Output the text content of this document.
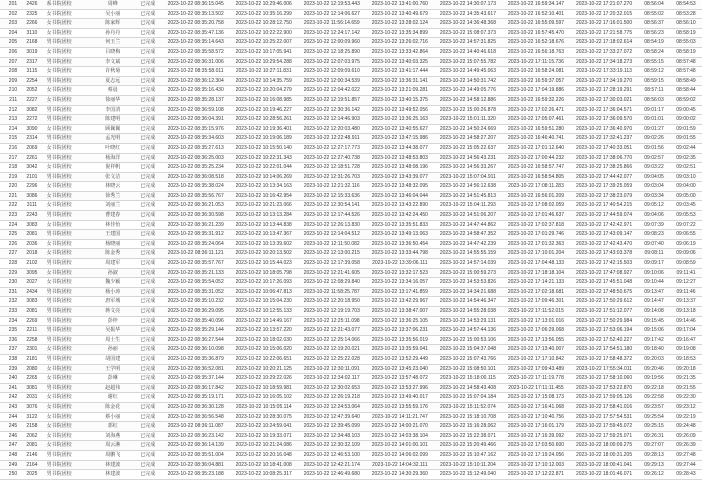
201	2426	系书院团校	周峰	已完成	2023-10-22 08:36:15.045	2023-10-22 10:29:46.006	2023-10-22 12:19:53.443	2023-10-22 13:41:00.760	2023-10-22 14:30:07.173	2023-10-22 16:59:34.147	2023-10-22 17:21:07.270	08:56:04	08:54:53
202	2325	女书院团校	吴小丽	已完成	2023-10-22 08:35:13.502	2023-10-22 10:35:16.299	2023-10-22 12:14:06.627	2023-10-22 13:40:49.679	2023-10-22 14:35:43.617	2023-10-22 16:52:10.401	2023-10-22 17:20:32.015	08:55:02	08:53:28
203	2266	女书院团校	陈家辉	已完成	2023-10-22 08:35:20.758	2023-10-22 10:28:12.750	2023-10-22 11:56:14.659	2023-10-22 13:28:02.124	2023-10-22 14:36:48.368	2023-10-22 16:55:09.597	2023-10-22 17:16:01.500	08:56:37	08:56:10
204	3110	女书院团校	孙丹丹	已完成	2023-10-22 08:35:47.136	2023-10-22 10:22:22.900	2023-10-22 12:24:17.142	2023-10-22 13:35:34.899	2023-10-22 15:08:07.373	2023-10-22 16:57:45.470	2023-10-22 17:21:58.775	08:56:23	08:58:19
205	2168	男书院团校	何玉兰	已完成	2023-10-22 08:35:14.643	2023-10-22 10:25:22.007	2023-10-22 12:00:09.960	2023-10-22 13:26:02.716	2023-10-22 14:57:31.825	2023-10-22 16:52:18.676	2023-10-22 17:18:02.614	08:54:19	08:55:03
206	3019	女书院团校	吕晓梅	已完成	2023-10-22 08:35:58.572	2023-10-22 10:17:05.941	2023-10-22 12:18:25.890	2023-10-22 13:33:42.864	2023-10-22 14:40:46.618	2023-10-22 16:56:18.763	2023-10-22 17:33:27.072	08:58:24	08:58:19
207	2317	男书院团校	李文斌	已完成	2023-10-22 08:36:31.006	2023-10-22 10:29:54.288	2023-10-22 12:07:03.975	2023-10-22 13:40:03.325	2023-10-22 15:07:55.782	2023-10-22 17:11:15.736	2023-10-22 17:34:18.273	08:55:15	08:57:48
208	3115	女书院团校	许秋菊	已完成	2023-10-22 08:35:58.011	2023-10-22 10:27:11.831	2023-10-22 12:09:09.610	2023-10-22 13:41:17.444	2023-10-22 14:49:45.063	2023-10-22 16:58:24.081	2023-10-22 17:33:19.113	08:59:12	08:57:48
209	2254	男书院团校	夏志远	已完成	2023-10-22 08:36:12.304	2023-10-22 10:14:35.759	2023-10-22 12:00:34.539	2023-10-22 13:36:31.141	2023-10-22 14:50:31.742	2023-10-22 16:59:37.057	2023-10-22 17:34:19.270	08:59:15	08:58:49
210	2052	女书院团校	蔡晨	已完成	2023-10-22 08:35:16.430	2023-10-22 10:20:04.279	2023-10-22 12:04:42.022	2023-10-22 13:21:09.281	2023-10-22 14:49:05.776	2023-10-22 17:04:19.886	2023-10-22 17:28:19.291	08:57:11	08:58:44
211	2227	女书院团校	徐丽华	已完成	2023-10-22 08:35:28.137	2023-10-22 10:16:08.985	2023-10-22 12:19:51.857	2023-10-22 13:40:15.375	2023-10-22 14:58:12.886	2023-10-22 16:59:32.226	2023-10-22 17:30:03.021	08:56:03	08:59:02
212	3082	男书院团校	李国清	已完成	2023-10-22 08:36:59.108	2023-10-22 10:19:46.227	2023-10-22 12:30:36.142	2023-10-22 13:49:52.056	2023-10-22 15:00:26.878	2023-10-22 17:02:26.471	2023-10-22 17:36:04.571	09:01:17	09:00:45
213	2272	男书院团校	陈建明	已完成	2023-10-22 08:36:04.391	2023-10-22 10:28:56.261	2023-10-22 12:14:46.903	2023-10-22 13:36:25.163	2023-10-22 15:01:11.320	2023-10-22 17:05:07.461	2023-10-22 17:36:09.570	09:01:01	09:00:02
214	3090	女书院团校	顾佩佩	已完成	2023-10-22 08:35:15.976	2023-10-22 10:19:36.401	2023-10-22 12:20:03.480	2023-10-22 13:40:55.627	2023-10-22 14:50:24.669	2023-10-22 16:59:51.280	2023-10-22 17:36:40.970	09:01:27	09:01:59
215	2314	男书院团校	孟光明	已完成	2023-10-22 08:35:34.603	2023-10-22 10:19:06.189	2023-10-22 12:22:48.911	2023-10-22 13:47:15.986	2023-10-22 14:58:27.207	2023-10-22 16:46:40.741	2023-10-22 17:32:41.237	09:02:26	09:01:55
216	2069	女书院团校	叶晓红	已完成	2023-10-22 08:35:27.613	2023-10-22 10:15:50.140	2023-10-22 12:27:17.773	2023-10-22 13:44:38.077	2023-10-22 15:05:22.637	2023-10-22 17:01:12.640	2023-10-22 17:40:33.051	09:01:56	09:02:44
217	2261	男书院团校	杨海洋	已完成	2023-10-22 08:36:25.003	2023-10-22 10:22:31.343	2023-10-22 12:27:40.738	2023-10-22 13:48:53.803	2023-10-22 14:56:43.231	2023-10-22 17:00:44.232	2023-10-22 17:38:06.770	09:02:57	09:02:35
218	3042	女书院团校	倪祥帆	已完成	2023-10-22 08:35:25.234	2023-10-22 10:22:01.044	2023-10-22 12:18:51.728	2023-10-22 13:48:08.196	2023-10-22 14:56:33.267	2023-10-22 16:58:57.747	2023-10-22 17:38:25.866	09:03:22	09:02:51
219	2101	男书院团校	张文洁	已完成	2023-10-22 08:36:08.518	2023-10-22 10:14:06.269	2023-10-22 12:31:26.703	2023-10-22 13:43:39.077	2023-10-22 15:07:04.911	2023-10-22 16:58:54.805	2023-10-22 17:44:42.077	09:04:05	09:03:10
220	2296	女书院团校	林晓云	已完成	2023-10-22 08:35:38.024	2023-10-22 10:13:34.163	2023-10-22 12:21:32.116	2023-10-22 13:48:32.095	2023-10-22 14:56:12.638	2023-10-22 17:08:11.283	2023-10-22 17:39:25.059	09:03:04	09:04:00
221	3086	女书院团校	徐秀兰	已完成	2023-10-22 08:35:56.767	2023-10-22 10:16:42.954	2023-10-22 12:15:33.636	2023-10-22 13:46:04.044	2023-10-22 14:51:45.813	2023-10-22 16:56:01.209	2023-10-22 17:38:23.079	09:03:34	09:05:00
222	3111	女书院团校	刘丽兰	已完成	2023-10-22 08:36:21.053	2023-10-22 10:21:23.066	2023-10-22 12:30:54.141	2023-10-22 13:43:22.890	2023-10-22 15:04:11.293	2023-10-22 17:08:02.059	2023-10-22 17:40:54.215	09:05:12	09:03:45
223	2243	男书院团校	曹建春	已完成	2023-10-22 08:36:30.598	2023-10-22 10:13:13.284	2023-10-22 12:17:44.526	2023-10-22 13:42:24.450	2023-10-22 14:51:06.207	2023-10-22 17:01:46.637	2023-10-22 17:44:59.074	09:04:06	09:05:53
224	3083	女书院团校	林佳怡	已完成	2023-10-22 08:36:21.239	2023-10-22 10:13:44.838	2023-10-22 12:26:13.830	2023-10-22 13:35:51.833	2023-10-22 14:47:44.862	2023-10-22 17:02:37.818	2023-10-22 17:42:42.971	09:07:39	09:07:22
225	2081	男书院团校	王建国	已完成	2023-10-22 08:35:31.912	2023-10-22 10:13:47.367	2023-10-22 12:14:04.512	2023-10-22 13:49:13.063	2023-10-22 14:58:47.352	2023-10-22 17:01:29.746	2023-10-22 17:43:09.147	09:08:23	09:06:55
226	2036	女书院团校	杨晓丽	已完成	2023-10-22 08:35:24.064	2023-10-22 10:13:39.602	2023-10-22 12:11:50.082	2023-10-22 13:36:50.454	2023-10-22 14:47:42.239	2023-10-22 17:01:32.363	2023-10-22 17:42:43.470	09:07:40	09:06:19
227	2018	女书院团校	陈金秀	已完成	2023-10-22 08:36:11.121	2023-10-22 10:20:13.502	2023-10-22 12:13:00.215	2023-10-22 13:33:44.798	2023-10-22 14:55:55.159	2023-10-22 17:10:01.204	2023-10-22 17:43:03.378	09:08:11	09:09:06
228	2102	男书院团校	周建军	已完成	2023-10-22 08:35:57.767	2023-10-22 10:15:44.023	2023-10-22 12:17:39.058	2023-10-22 13:39:06.111	2023-10-22 14:57:14.039	2023-10-22 17:04:48.133	2023-10-22 17:42:15.503	09:09:17	09:08:59
229	3095	女书院团校	孙淑	已完成	2023-10-22 08:35:21.133	2023-10-22 10:18:05.798	2023-10-22 12:21:41.605	2023-10-22 13:32:17.523	2023-10-22 15:00:59.273	2023-10-22 17:18:18.104	2023-10-22 17:47:08.927	09:10:06	09:11:41
230	2027	女书院团校	魏少颖	已完成	2023-10-22 08:35:54.052	2023-10-22 10:17:26.093	2023-10-22 12:08:29.840	2023-10-22 13:34:16.057	2023-10-22 14:53:53.826	2023-10-22 17:14:21.133	2023-10-22 17:45:51.048	09:10:44	09:12:27
231	2434	男书院团校	杨小涛	已完成	2023-10-22 08:35:31.052	2023-10-22 10:06:47.813	2023-10-22 11:58:25.787	2023-10-22 13:17:41.859	2023-10-22 14:34:21.688	2023-10-22 17:02:18.681	2023-10-22 17:48:50.675	09:13:47	09:11:46
232	3083	男书院团校	唐军城	已完成	2023-10-22 08:35:10.232	2023-10-22 10:15:04.230	2023-10-22 12:20:18.950	2023-10-22 13:42:29.967	2023-10-22 14:54:46.347	2023-10-22 17:09:46.301	2023-10-22 17:50:29.612	09:14:47	09:13:37
233	2081	男书院团校	蒋文亮	已完成	2023-10-22 08:36:29.095	2023-10-22 10:12:55.133	2023-10-22 12:19:19.703	2023-10-22 13:38:47.007	2023-10-22 14:55:28.038	2023-10-22 17:11:52.015	2023-10-22 17:51:12.077	09:14:08	09:13:18
234	2269	男书院团校	彭梓	已完成	2023-10-22 08:35:40.096	2023-10-22 10:14:49.167	2023-10-22 12:25:11.098	2023-10-22 13:36:25.105	2023-10-22 14:53:29.131	2023-10-22 17:13:01.016	2023-10-22 17:50:29.984	09:15:45	09:14:46
235	2211	男书院团校	吴振华	已完成	2023-10-22 08:35:29.144	2023-10-22 10:13:57.220	2023-10-22 12:21:43.077	2023-10-22 13:37:06.231	2023-10-22 14:57:44.136	2023-10-22 17:06:29.068	2023-10-22 17:53:06.194	09:15:06	09:17:04
236	2258	男书院团校	周士生	已完成	2023-10-22 08:36:27.544	2023-10-22 10:18:02.030	2023-10-22 12:25:14.066	2023-10-22 13:35:56.019	2023-10-22 15:00:53.106	2023-10-22 17:13:56.055	2023-10-22 17:52:40.227	09:17:42	09:16:47
237	2301	女书院团校	孙丽	已完成	2023-10-22 08:36:10.098	2023-10-22 10:15:06.020	2023-10-22 12:19:20.021	2023-10-22 13:35:59.041	2023-10-22 15:04:37.048	2023-10-22 17:13:40.007	2023-10-22 17:54:51.180	09:18:40	09:19:08
238	2181	男书院团校	胡国建	已完成	2023-10-22 08:35:36.879	2023-10-22 10:22:06.651	2023-10-22 12:25:22.028	2023-10-22 13:52:29.449	2023-10-22 15:07:43.766	2023-10-22 17:17:10.842	2023-10-22 17:58:48.372	09:20:03	09:18:53
239	2080	女书院团校	王学明	已完成	2023-10-22 08:36:52.081	2023-10-22 10:20:21.125	2023-10-22 12:30:11.091	2023-10-22 13:45:23.040	2023-10-22 15:08:50.101	2023-10-22 17:09:43.489	2023-10-22 17:55:34.011	09:20:46	09:20:18
240	2265	女书院团校	彭琳	已完成	2023-10-22 08:35:37.144	2023-10-22 10:29:22.026	2023-10-22 12:34:02.117	2023-10-22 13:57:48.072	2023-10-22 15:18:00.115	2023-10-22 17:11:19.778	2023-10-22 17:58:10.060	09:19:56	09:21:35
241	3081	男书院团校	赵超伟	已完成	2023-10-22 08:36:17.842	2023-10-22 10:18:59.981	2023-10-22 12:30:02.653	2023-10-22 13:53:27.996	2023-10-22 14:58:43.408	2023-10-22 17:11:11.455	2023-10-22 17:53:22.870	09:22:18	09:21:55
242	2031	女书院团校	谢红	已完成	2023-10-22 08:35:19.171	2023-10-22 10:16:05.102	2023-10-22 12:26:19.218	2023-10-22 13:49:40.017	2023-10-22 15:07:04.184	2023-10-22 17:15:08.173	2023-10-22 17:59:05.126	09:22:58	09:22:30
243	3076	女书院团校	陈金花	已完成	2023-10-22 08:36:30.128	2023-10-22 10:15:05.114	2023-10-22 12:24:53.064	2023-10-22 13:55:59.176	2023-10-22 15:11:52.074	2023-10-22 17:16:41.068	2023-10-22 17:58:41.016	09:23:57	09:23:12
244	3122	女书院团校	蔡小丽	已完成	2023-10-22 08:36:56.548	2023-10-22 10:28:30.075	2023-10-22 12:47:39.640	2023-10-22 14:11:21.747	2023-10-22 15:18:10.708	2023-10-22 17:10:40.756	2023-10-22 17:57:54.531	09:25:54	09:22:19
245	2158	女书院团校	郭红	已完成	2023-10-22 08:36:11.087	2023-10-22 10:24:59.041	2023-10-22 12:39:45.099	2023-10-22 14:00:21.070	2023-10-22 15:16:28.062	2023-10-22 17:16:01.179	2023-10-22 17:59:45.072	09:25:15	09:24:48
246	2062	女书院团校	刘海燕	已完成	2023-10-22 08:36:23.142	2023-10-22 10:19:33.071	2023-10-22 12:34:48.103	2023-10-22 14:03:38.104	2023-10-22 15:22:38.071	2023-10-22 17:16:39.092	2023-10-22 17:59:25.071	09:26:31	09:26:09
247	2081	女书院团校	周云淋	已完成	2023-10-22 08:36:14.139	2023-10-22 10:21:24.086	2023-10-22 12:30:32.109	2023-10-22 14:01:00.101	2023-10-22 15:20:49.466	2023-10-22 17:03:50.600	2023-10-22 18:00:09.275	09:27:07	09:26:39
248	2146	男书院团校	周鹏飞	已完成	2023-10-22 08:35:51.004	2023-10-22 10:20:16.048	2023-10-22 12:46:53.100	2023-10-22 14:06:02.099	2023-10-22 15:10:47.162	2023-10-22 17:19:24.056	2023-10-22 18:00:31.205	09:28:13	09:27:48
249	2164	男书院团校	林建波	已完成	2023-10-22 08:36:04.881	2023-10-22 10:18:41.008	2023-10-22 12:42:21.174	2023-10-22 14:04:32.111	2023-10-22 15:10:11.204	2023-10-22 17:10:12.003	2023-10-22 18:00:41.041	09:29:13	09:27:44
250	2025	男书院团校	林建波	已完成	2023-10-22 08:35:23.188	2023-10-22 10:08:25.317	2023-10-22 12:46:49.680	2023-10-22 14:30:29.360	2023-10-22 15:12:49.040	2023-10-22 17:12:22.871	2023-10-22 18:01:46.071	09:26:12	09:28:43
